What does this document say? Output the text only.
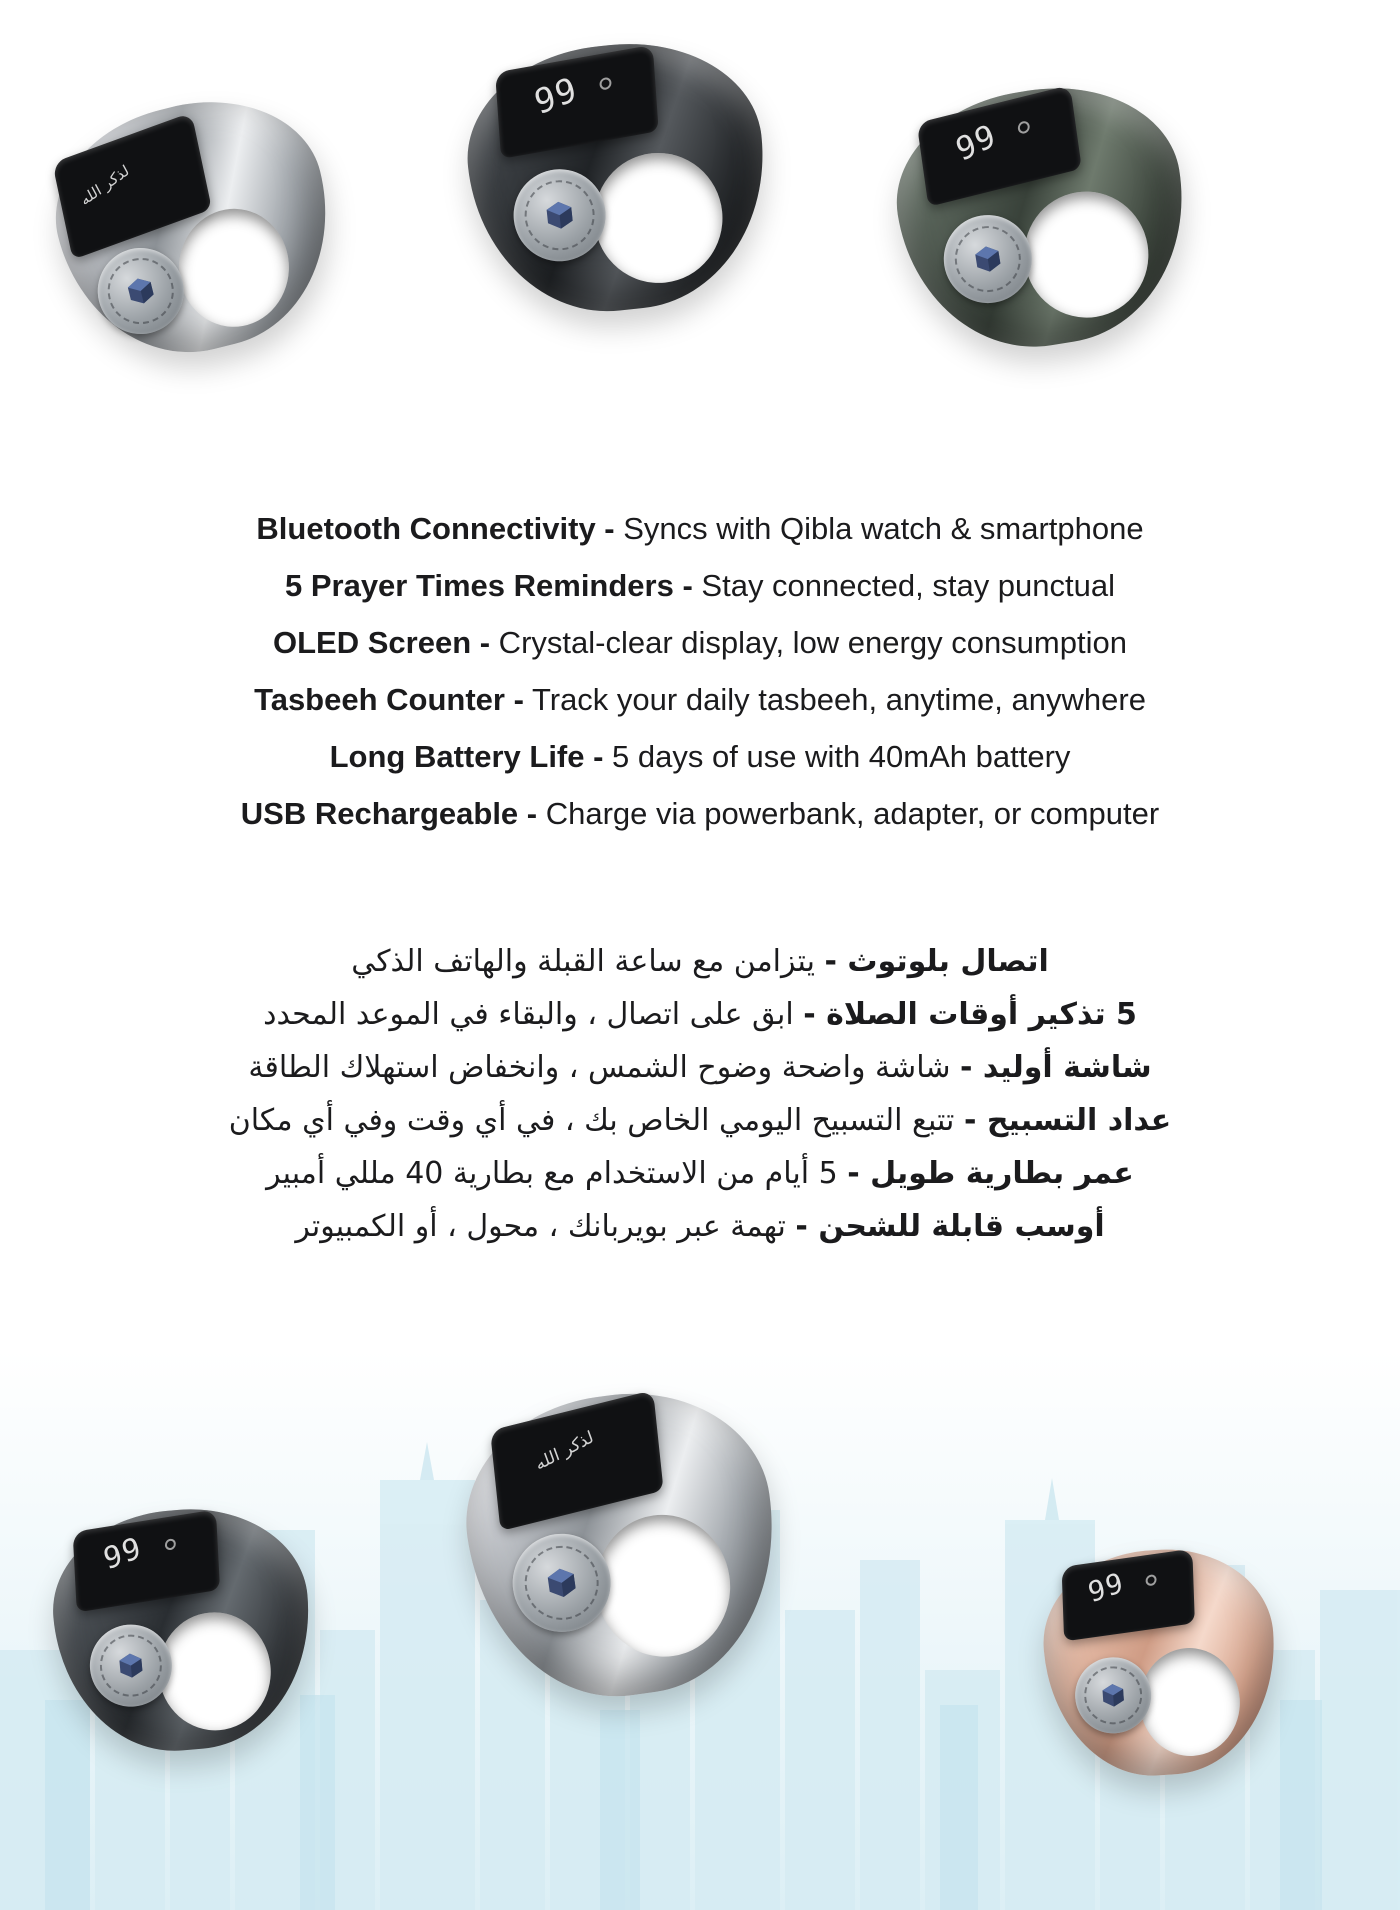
لذكر الله
99
99
Bluetooth Connectivity - Syncs with Qibla watch & smartphone
5 Prayer Times Reminders - Stay connected, stay punctual
OLED Screen - Crystal-clear display, low energy consumption
Tasbeeh Counter - Track your daily tasbeeh, anytime, anywhere
Long Battery Life - 5 days of use with 40mAh battery
USB Rechargeable - Charge via powerbank, adapter, or computer
اتصال بلوتوث - يتزامن مع ساعة القبلة والهاتف الذكي
5 تذكير أوقات الصلاة - ابق على اتصال ، والبقاء في الموعد المحدد
شاشة أوليد - شاشة واضحة وضوح الشمس ، وانخفاض استهلاك الطاقة
عداد التسبيح - تتبع التسبيح اليومي الخاص بك ، في أي وقت وفي أي مكان
عمر بطارية طويل - 5 أيام من الاستخدام مع بطارية 40 مللي أمبير
أوسب قابلة للشحن - تهمة عبر بويربانك ، محول ، أو الكمبيوتر
99
لذكر الله
99
